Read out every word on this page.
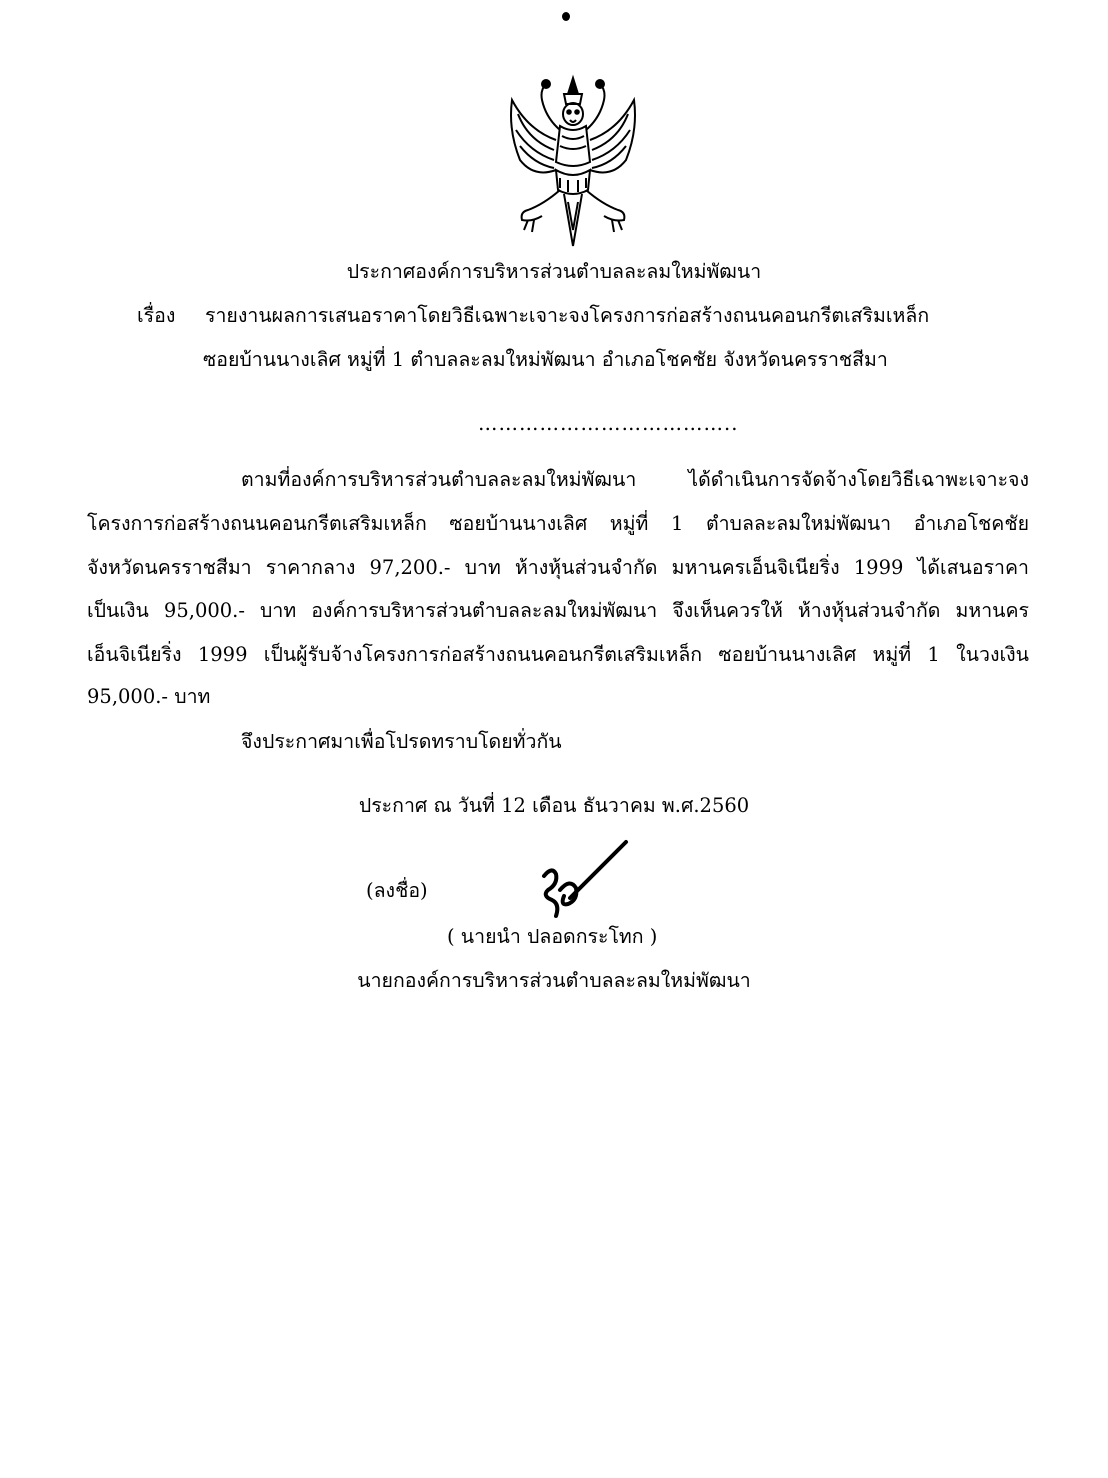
ประกาศองค์การบริหารส่วนตำบลละลมใหม่พัฒนา
เรื่อง รายงานผลการเสนอราคาโดยวิธีเฉพาะเจาะจงโครงการก่อสร้างถนนคอนกรีตเสริมเหล็ก
ซอยบ้านนางเลิศ หมู่ที่ 1 ตำบลละลมใหม่พัฒนา อำเภอโชคชัย จังหวัดนครราชสีมา
………………………………..
ตามที่องค์การบริหารส่วนตำบลละลมใหม่พัฒนา ได้ดำเนินการจัดจ้างโดยวิธีเฉาพะเจาะจง
โครงการก่อสร้างถนนคอนกรีตเสริมเหล็ก ซอยบ้านนางเลิศ หมู่ที่ 1 ตำบลละลมใหม่พัฒนา อำเภอโชคชัย
จังหวัดนครราชสีมา ราคากลาง 97,200.- บาท ห้างหุ้นส่วนจำกัด มหานครเอ็นจิเนียริ่ง 1999 ได้เสนอราคา
เป็นเงิน 95,000.- บาท องค์การบริหารส่วนตำบลละลมใหม่พัฒนา จึงเห็นควรให้ ห้างหุ้นส่วนจำกัด มหานคร
เอ็นจิเนียริ่ง 1999 เป็นผู้รับจ้างโครงการก่อสร้างถนนคอนกรีตเสริมเหล็ก ซอยบ้านนางเลิศ หมู่ที่ 1 ในวงเงิน
95,000.- บาท
จึงประกาศมาเพื่อโปรดทราบโดยทั่วกัน
ประกาศ ณ วันที่ 12 เดือน ธันวาคม พ.ศ.2560
(ลงชื่อ)
( นายนำ ปลอดกระโทก )
นายกองค์การบริหารส่วนตำบลละลมใหม่พัฒนา
